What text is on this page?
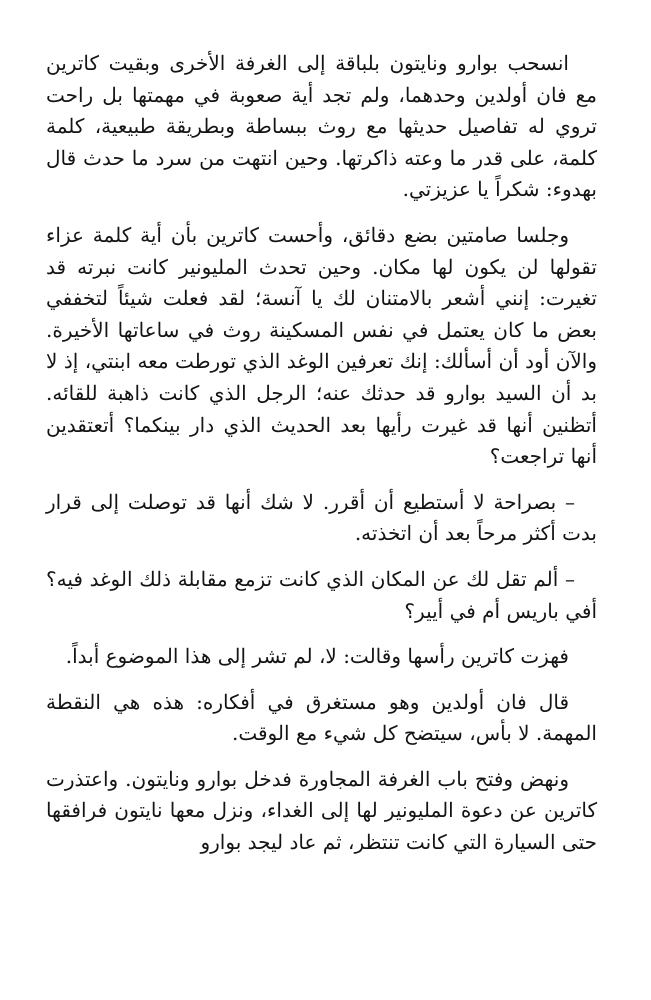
انسحب بوارو ونايتون بلباقة إلى الغرفة الأخرى وبقيت كاترين مع فان أولدين وحدهما، ولم تجد أية صعوبة في مهمتها بل راحت تروي له تفاصيل حديثها مع روث ببساطة وبطريقة طبيعية، كلمة كلمة، على قدر ما وعته ذاكرتها. وحين انتهت من سرد ما حدث قال بهدوء: شكراً يا عزيزتي.

وجلسا صامتين بضع دقائق، وأحست كاترين بأن أية كلمة عزاء تقولها لن يكون لها مكان. وحين تحدث المليونير كانت نبرته قد تغيرت: إنني أشعر بالامتنان لك يا آنسة؛ لقد فعلت شيئاً لتخففي بعض ما كان يعتمل في نفس المسكينة روث في ساعاتها الأخيرة. والآن أود أن أسألك: إنك تعرفين الوغد الذي تورطت معه ابنتي، إذ لا بد أن السيد بوارو قد حدثك عنه؛ الرجل الذي كانت ذاهبة للقائه. أتظنين أنها قد غيرت رأيها بعد الحديث الذي دار بينكما؟ أتعتقدين أنها تراجعت؟

– بصراحة لا أستطيع أن أقرر. لا شك أنها قد توصلت إلى قرار بدت أكثر مرحاً بعد أن اتخذته.

– ألم تقل لك عن المكان الذي كانت تزمع مقابلة ذلك الوغد فيه؟ أفي باريس أم في أيير؟

فهزت كاترين رأسها وقالت: لا، لم تشر إلى هذا الموضوع أبداً.

قال فان أولدين وهو مستغرق في أفكاره: هذه هي النقطة المهمة. لا بأس، سيتضح كل شيء مع الوقت.

ونهض وفتح باب الغرفة المجاورة فدخل بوارو ونايتون. واعتذرت كاترين عن دعوة المليونير لها إلى الغداء، ونزل معها نايتون فرافقها حتى السيارة التي كانت تنتظر، ثم عاد ليجد بوارو
